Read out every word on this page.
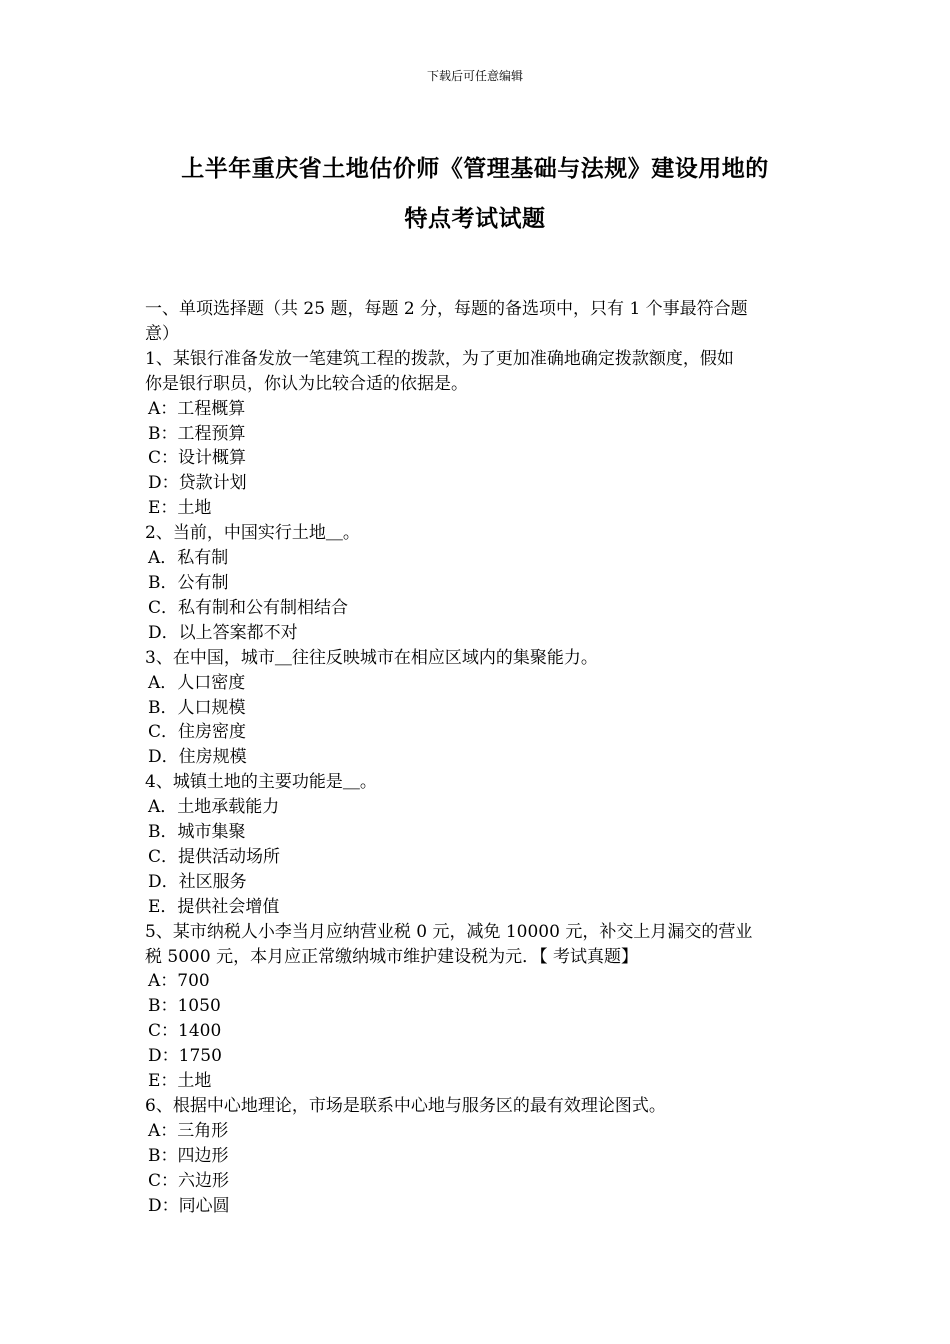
下载后可任意编辑
上半年重庆省土地估价师《管理基础与法规》建设用地的
特点考试试题
一、单项选择题（共 25 题，每题 2 分，每题的备选项中，只有 1 个事最符合题
意）
1、某银行准备发放一笔建筑工程的拨款，为了更加准确地确定拨款额度，假如
你是银行职员，你认为比较合适的依据是。
A：工程概算
B：工程预算
C：设计概算
D：贷款计划
E：土地
2、当前，中国实行土地＿。
A．私有制
B．公有制
C．私有制和公有制相结合
D．以上答案都不对
3、在中国，城市＿往往反映城市在相应区域内的集聚能力。
A．人口密度
B．人口规模
C．住房密度
D．住房规模
4、城镇土地的主要功能是＿。
A．土地承载能力
B．城市集聚
C．提供活动场所
D．社区服务
E．提供社会增值
5、某市纳税人小李当月应纳营业税 0 元，减免 10000 元，补交上月漏交的营业
税 5000 元，本月应正常缴纳城市维护建设税为元．【 考试真题】
A：700
B：1050
C：1400
D：1750
E：土地
6、根据中心地理论，市场是联系中心地与服务区的最有效理论图式。
A：三角形
B：四边形
C：六边形
D：同心圆
